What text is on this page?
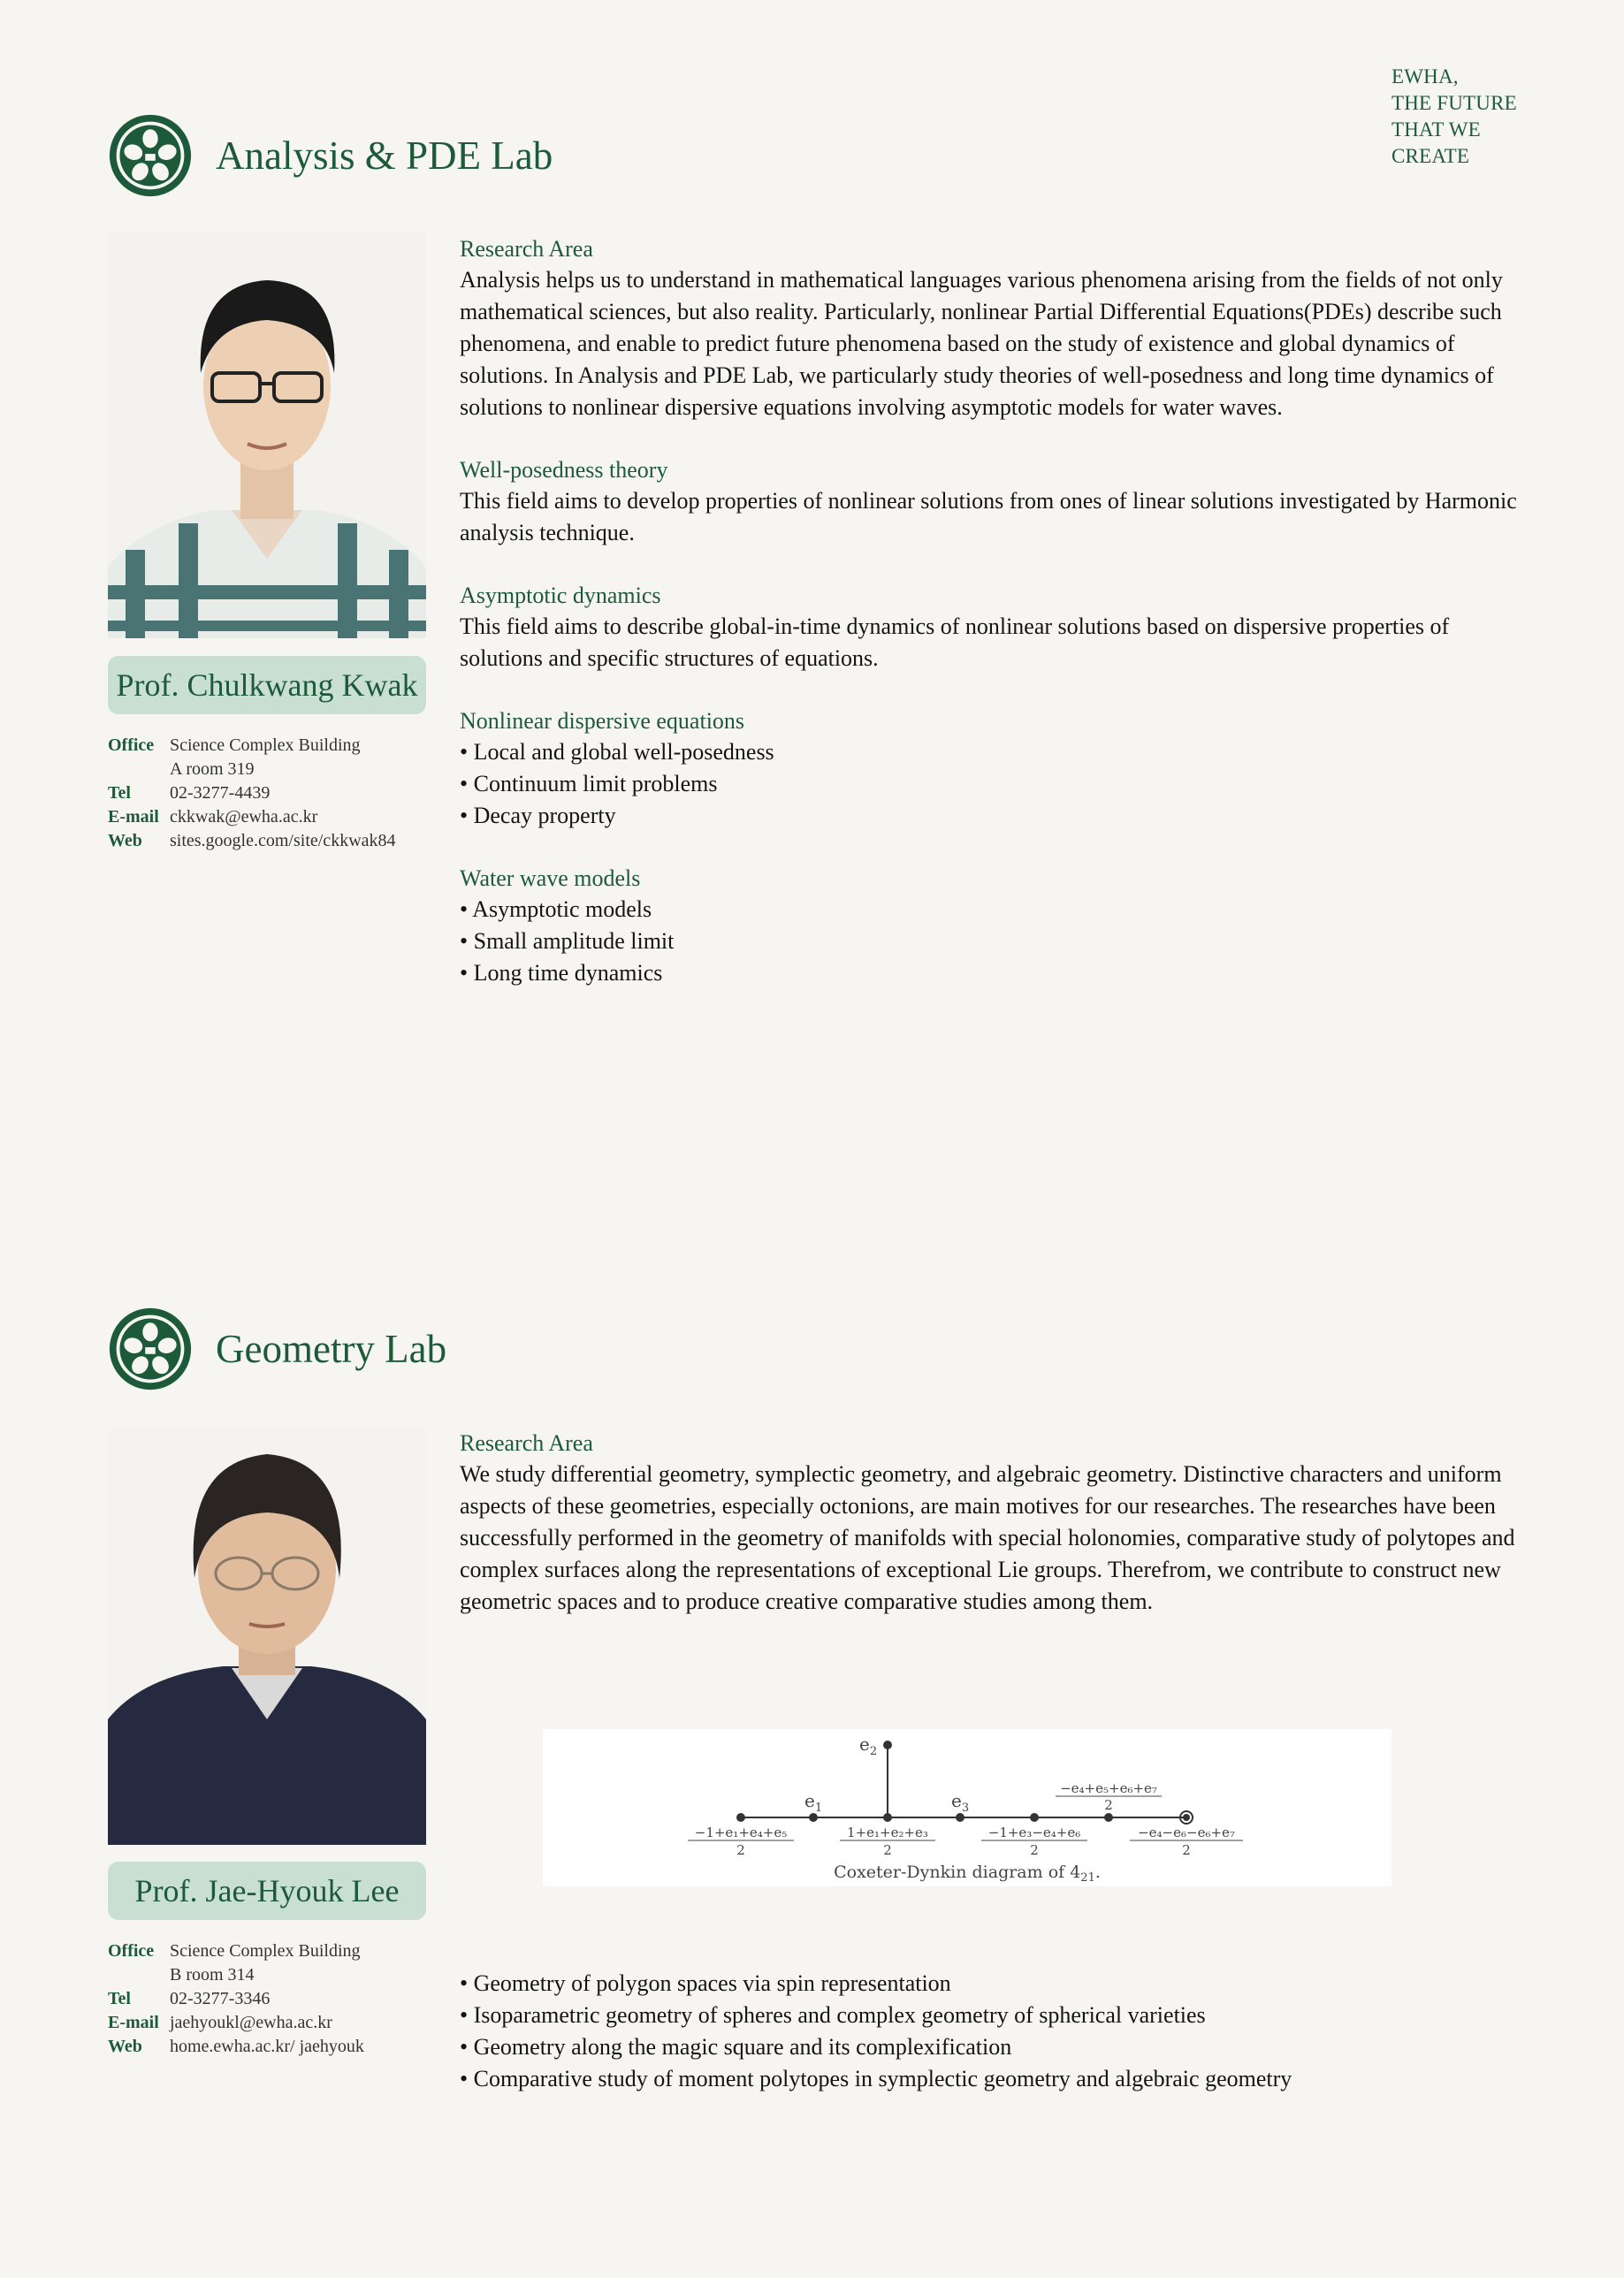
EWHA,
THE FUTURE
THAT WE
CREATE
Analysis & PDE Lab
Prof. Chulkwang Kwak
Office Science Complex Building
A room 319
Tel	02-3277-4439
E-mail ckkwak@ewha.ac.kr
Web	sites.google.com/site/ckkwak84
Research Area
Analysis helps us to understand in mathematical languages various phenomena arising from the fields of not only mathematical sciences, but also reality. Particularly, nonlinear Partial Differential Equations(PDEs) describe such phenomena, and enable to predict future phenomena based on the study of existence and global dynamics of solutions. In Analysis and PDE Lab, we particularly study theories of well-posedness and long time dynamics of solutions to nonlinear dispersive equations involving asymptotic models for water waves.
Well-posedness theory
This field aims to develop properties of nonlinear solutions from ones of linear solutions investigated by Harmonic analysis technique.
Asymptotic dynamics
This field aims to describe global-in-time dynamics of nonlinear solutions based on dispersive properties of solutions and specific structures of equations.
Nonlinear dispersive equations
• Local and global well-posedness
• Continuum limit problems
• Decay property
Water wave models
• Asymptotic models
• Small amplitude limit
• Long time dynamics
Geometry Lab
Prof. Jae-Hyouk Lee
Office Science Complex Building
B room 314
Tel	02-3277-3346
E-mail jaehyoukl@ewha.ac.kr
Web	home.ewha.ac.kr/ jaehyouk
Research Area
We study differential geometry, symplectic geometry, and algebraic geometry. Distinctive characters and uniform aspects of these geometries, especially octonions, are main motives for our researches. The researches have been successfully performed in the geometry of manifolds with special holonomies, comparative study of polytopes and complex surfaces along the representations of exceptional Lie groups. Therefrom, we contribute to construct new geometric spaces and to produce creative comparative studies among them.
$e_2$
$e_1$	$e_3$
−1+e₁+e₄+e₅
2
1+e₁+e₂+e₃
2
−1+e₃−e₄+e₆
2
−e₄−e₆−e₆+e₇
2
−e₄+e₅+e₆+e₇
2
Coxeter-Dynkin diagram of $4_{21}$.
• Geometry of polygon spaces via spin representation
• Isoparametric geometry of spheres and complex geometry of spherical varieties
• Geometry along the magic square and its complexification
• Comparative study of moment polytopes in symplectic geometry and algebraic geometry
